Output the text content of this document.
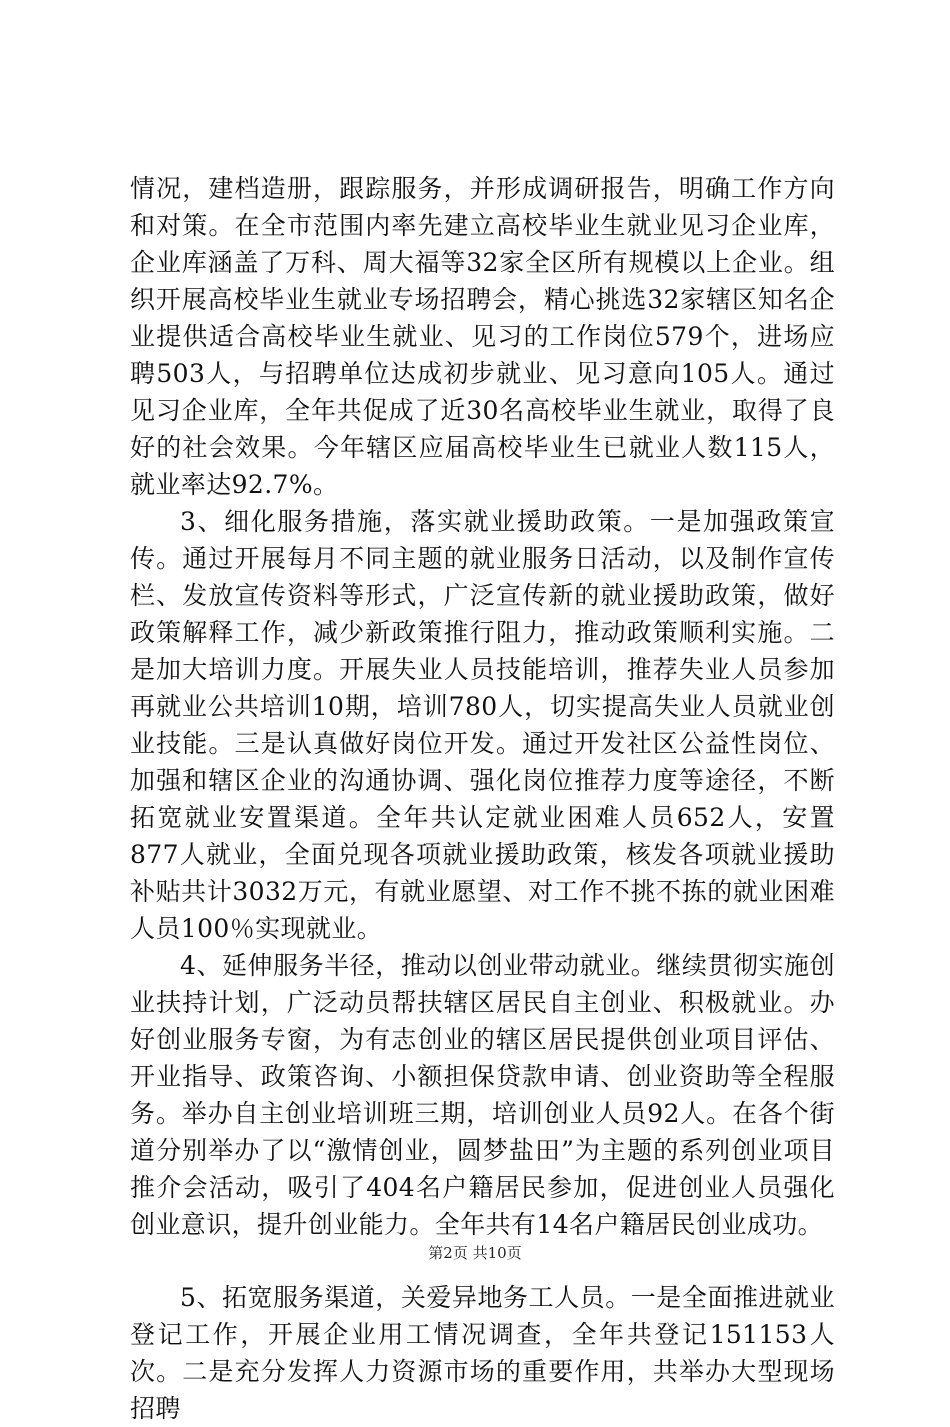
情况，建档造册，跟踪服务，并形成调研报告，明确工作方向和对策。在全市范围内率先建立高校毕业生就业见习企业库，企业库涵盖了万科、周大福等32家全区所有规模以上企业。组织开展高校毕业生就业专场招聘会，精心挑选32家辖区知名企业提供适合高校毕业生就业、见习的工作岗位579个，进场应聘503人，与招聘单位达成初步就业、见习意向105人。通过见习企业库，全年共促成了近30名高校毕业生就业，取得了良好的社会效果。今年辖区应届高校毕业生已就业人数115人，就业率达92.7%。

3、细化服务措施，落实就业援助政策。一是加强政策宣传。通过开展每月不同主题的就业服务日活动，以及制作宣传栏、发放宣传资料等形式，广泛宣传新的就业援助政策，做好政策解释工作，减少新政策推行阻力，推动政策顺利实施。二是加大培训力度。开展失业人员技能培训，推荐失业人员参加再就业公共培训10期，培训780人，切实提高失业人员就业创业技能。三是认真做好岗位开发。通过开发社区公益性岗位、加强和辖区企业的沟通协调、强化岗位推荐力度等途径，不断拓宽就业安置渠道。全年共认定就业困难人员652人，安置877人就业，全面兑现各项就业援助政策，核发各项就业援助补贴共计3032万元，有就业愿望、对工作不挑不拣的就业困难人员100％实现就业。

4、延伸服务半径，推动以创业带动就业。继续贯彻实施创业扶持计划，广泛动员帮扶辖区居民自主创业、积极就业。办好创业服务专窗，为有志创业的辖区居民提供创业项目评估、开业指导、政策咨询、小额担保贷款申请、创业资助等全程服务。举办自主创业培训班三期，培训创业人员92人。在各个街道分别举办了以“激情创业，圆梦盐田”为主题的系列创业项目推介会活动，吸引了404名户籍居民参加，促进创业人员强化创业意识，提升创业能力。全年共有14名户籍居民创业成功。

5、拓宽服务渠道，关爱异地务工人员。一是全面推进就业登记工作，开展企业用工情况调查，全年共登记151153人次。二是充分发挥人力资源市场的重要作用，共举办大型现场招聘

第2页 共10页
